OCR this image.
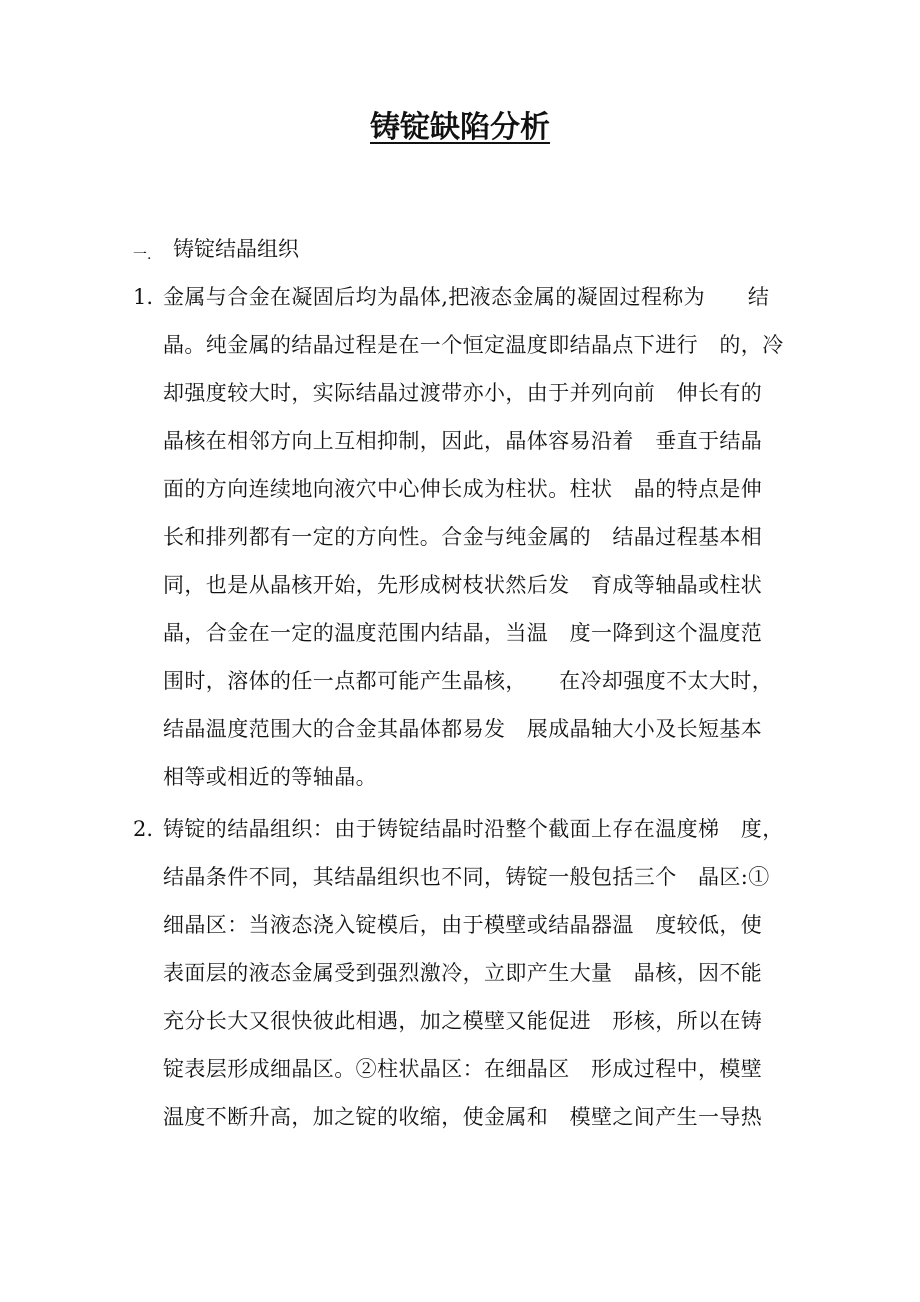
铸锭缺陷分析
一. 铸锭结晶组织
1. 金属与合金在凝固后均为晶体,把液态金属的凝固过程称为　　结
晶。纯金属的结晶过程是在一个恒定温度即结晶点下进行　的，冷
却强度较大时，实际结晶过渡带亦小，由于并列向前　伸长有的
晶核在相邻方向上互相抑制，因此，晶体容易沿着　垂直于结晶
面的方向连续地向液穴中心伸长成为柱状。柱状　晶的特点是伸
长和排列都有一定的方向性。合金与纯金属的　结晶过程基本相
同，也是从晶核开始，先形成树枝状然后发　育成等轴晶或柱状
晶，合金在一定的温度范围内结晶，当温　度一降到这个温度范
围时，溶体的任一点都可能产生晶核，　　在冷却强度不太大时，
结晶温度范围大的合金其晶体都易发　展成晶轴大小及长短基本
相等或相近的等轴晶。
2. 铸锭的结晶组织：由于铸锭结晶时沿整个截面上存在温度梯　度，
结晶条件不同，其结晶组织也不同，铸锭一般包括三个　晶区:①
细晶区：当液态浇入锭模后，由于模壁或结晶器温　度较低，使
表面层的液态金属受到强烈激冷，立即产生大量　晶核，因不能
充分长大又很快彼此相遇，加之模壁又能促进　形核，所以在铸
锭表层形成细晶区。②柱状晶区：在细晶区　形成过程中，模壁
温度不断升高，加之锭的收缩，使金属和　模壁之间产生一导热
